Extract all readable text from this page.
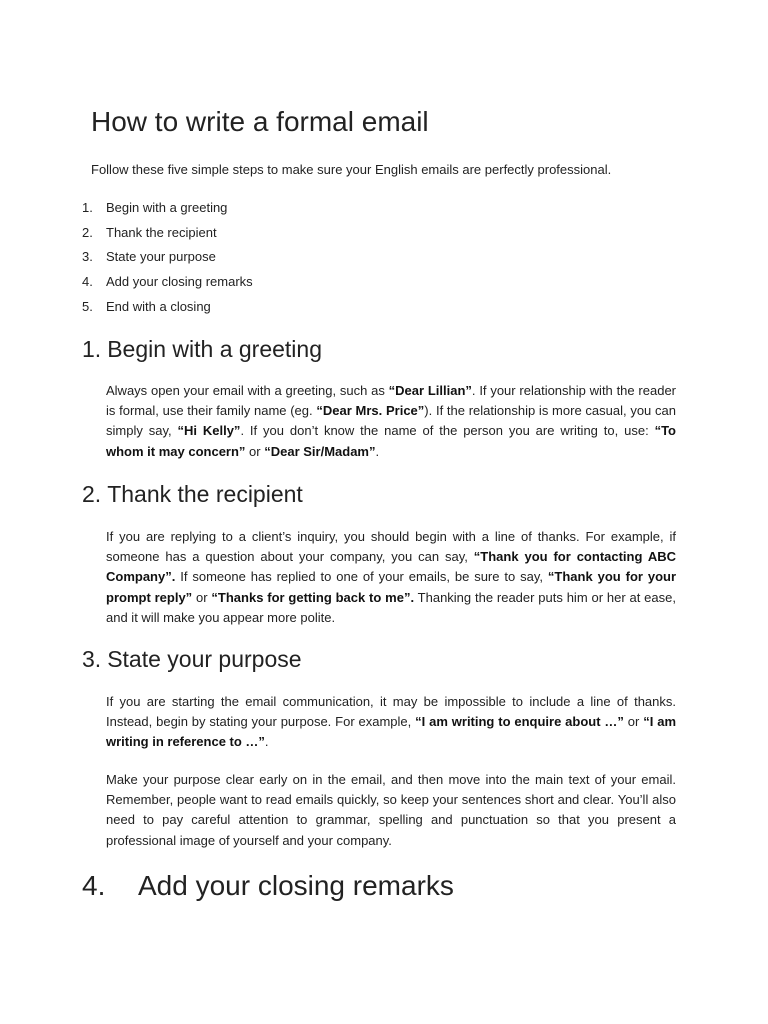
How to write a formal email

Follow these five simple steps to make sure your English emails are perfectly professional.

1. Begin with a greeting
2. Thank the recipient
3. State your purpose
4. Add your closing remarks
5. End with a closing
1. Begin with a greeting

Always open your email with a greeting, such as “Dear Lillian”. If your relationship with the reader is formal, use their family name (eg. “Dear Mrs. Price”). If the relationship is more casual, you can simply say, “Hi Kelly”. If you don’t know the name of the person you are writing to, use: “To whom it may concern” or “Dear Sir/Madam”.

2. Thank the recipient

If you are replying to a client’s inquiry, you should begin with a line of thanks. For example, if someone has a question about your company, you can say, “Thank you for contacting ABC Company”. If someone has replied to one of your emails, be sure to say, “Thank you for your prompt reply” or “Thanks for getting back to me”. Thanking the reader puts him or her at ease, and it will make you appear more polite.

3. State your purpose

If you are starting the email communication, it may be impossible to include a line of thanks. Instead, begin by stating your purpose. For example, “I am writing to enquire about …” or “I am writing in reference to …”.

Make your purpose clear early on in the email, and then move into the main text of your email. Remember, people want to read emails quickly, so keep your sentences short and clear. You’ll also need to pay careful attention to grammar, spelling and punctuation so that you present a professional image of yourself and your company.

4. Add your closing remarks
